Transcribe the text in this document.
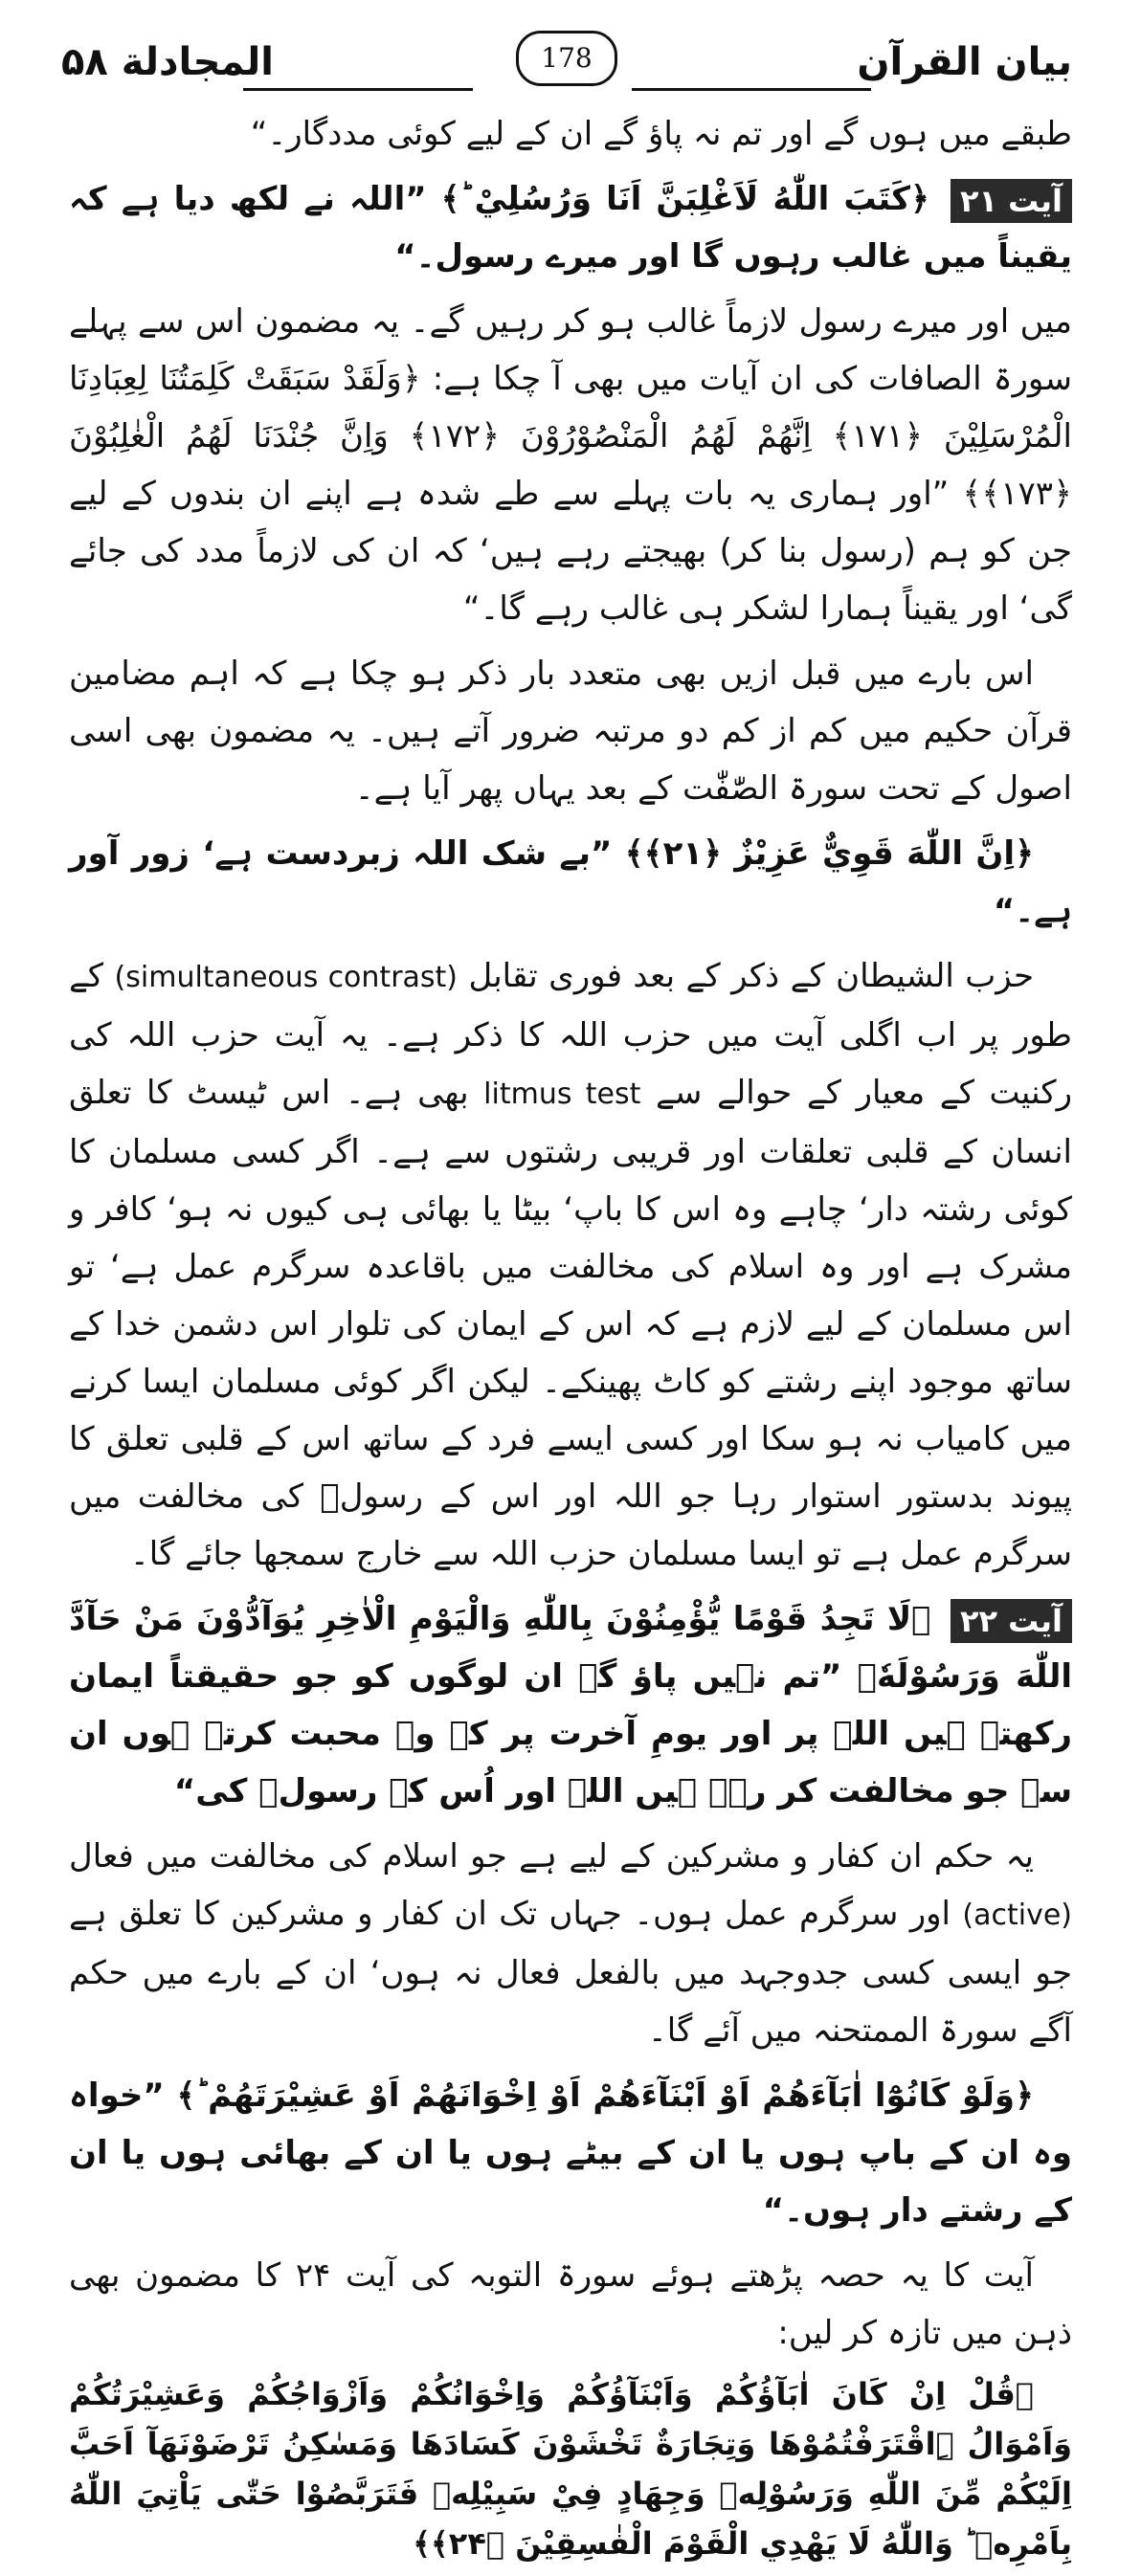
المجادلة ۵۸	178	بیان القرآن

طبقے میں ہوں گے اور تم نہ پاؤ گے ان کے لیے کوئی مددگار۔“

آیت ۲۱ ﴿كَتَبَ اللّٰهُ لَاَغْلِبَنَّ اَنَا وَرُسُلِيْ ؕ﴾ ”اللہ نے لکھ دیا ہے کہ یقیناً میں غالب رہوں گا اور میرے رسول۔“

میں اور میرے رسول لازماً غالب ہو کر رہیں گے۔ یہ مضمون اس سے پہلے سورۃ الصافات کی ان آیات میں بھی آ چکا ہے: ﴿وَلَقَدْ سَبَقَتْ كَلِمَتُنَا لِعِبَادِنَا الْمُرْسَلِيْنَ ﴿۱۷۱﴾ اِنَّهُمْ لَهُمُ الْمَنْصُوْرُوْنَ ﴿۱۷۲﴾ وَاِنَّ جُنْدَنَا لَهُمُ الْغٰلِبُوْنَ ﴿۱۷۳﴾﴾ ”اور ہماری یہ بات پہلے سے طے شدہ ہے اپنے ان بندوں کے لیے جن کو ہم (رسول بنا کر) بھیجتے رہے ہیں‘ کہ ان کی لازماً مدد کی جائے گی‘ اور یقیناً ہمارا لشکر ہی غالب رہے گا۔“

اس بارے میں قبل ازیں بھی متعدد بار ذکر ہو چکا ہے کہ اہم مضامین قرآن حکیم میں کم از کم دو مرتبہ ضرور آتے ہیں۔ یہ مضمون بھی اسی اصول کے تحت سورۃ الصّٰفّٰت کے بعد یہاں پھر آیا ہے۔

﴿اِنَّ اللّٰهَ قَوِيٌّ عَزِيْزٌ ﴿۲۱﴾﴾ ”بے شک اللہ زبردست ہے‘ زور آور ہے۔“

حزب الشیطان کے ذکر کے بعد فوری تقابل (simultaneous contrast) کے طور پر اب اگلی آیت میں حزب اللہ کا ذکر ہے۔ یہ آیت حزب اللہ کی رکنیت کے معیار کے حوالے سے litmus test بھی ہے۔ اس ٹیسٹ کا تعلق انسان کے قلبی تعلقات اور قریبی رشتوں سے ہے۔ اگر کسی مسلمان کا کوئی رشتہ دار‘ چاہے وہ اس کا باپ‘ بیٹا یا بھائی ہی کیوں نہ ہو‘ کافر و مشرک ہے اور وہ اسلام کی مخالفت میں باقاعدہ سرگرم عمل ہے‘ تو اس مسلمان کے لیے لازم ہے کہ اس کے ایمان کی تلوار اس دشمن خدا کے ساتھ موجود اپنے رشتے کو کاٹ پھینکے۔ لیکن اگر کوئی مسلمان ایسا کرنے میں کامیاب نہ ہو سکا اور کسی ایسے فرد کے ساتھ اس کے قلبی تعلق کا پیوند بدستور استوار رہا جو اللہ اور اس کے رسولؐ کی مخالفت میں سرگرم عمل ہے تو ایسا مسلمان حزب اللہ سے خارج سمجھا جائے گا۔

آیت ۲۲ ﴿لَا تَجِدُ قَوْمًا يُّؤْمِنُوْنَ بِاللّٰهِ وَالْيَوْمِ الْاٰخِرِ يُوَآدُّوْنَ مَنْ حَآدَّ اللّٰهَ وَرَسُوْلَهٗ﴾ ”تم نہیں پاؤ گے ان لوگوں کو جو حقیقتاً ایمان رکھتے ہیں اللہ پر اور یومِ آخرت پر کہ وہ محبت کرتے ہوں ان سے جو مخالفت کر رہے ہیں اللہ اور اُس کے رسولؐ کی“

یہ حکم ان کفار و مشرکین کے لیے ہے جو اسلام کی مخالفت میں فعال (active) اور سرگرم عمل ہوں۔ جہاں تک ان کفار و مشرکین کا تعلق ہے جو ایسی کسی جدوجہد میں بالفعل فعال نہ ہوں‘ ان کے بارے میں حکم آگے سورۃ الممتحنہ میں آئے گا۔

﴿وَلَوْ كَانُوْٓا اٰبَآءَهُمْ اَوْ اَبْنَآءَهُمْ اَوْ اِخْوَانَهُمْ اَوْ عَشِيْرَتَهُمْ ؕ﴾ ”خواہ وہ ان کے باپ ہوں یا ان کے بیٹے ہوں یا ان کے بھائی ہوں یا ان کے رشتے دار ہوں۔“

آیت کا یہ حصہ پڑھتے ہوئے سورۃ التوبہ کی آیت ۲۴ کا مضمون بھی ذہن میں تازہ کر لیں:

﴿قُلْ اِنْ كَانَ اٰبَآؤُكُمْ وَاَبْنَآؤُكُمْ وَاِخْوَانُكُمْ وَاَزْوَاجُكُمْ وَعَشِيْرَتُكُمْ وَاَمْوَالُ ِۨاقْتَرَفْتُمُوْهَا وَتِجَارَةٌ تَخْشَوْنَ كَسَادَهَا وَمَسٰكِنُ تَرْضَوْنَهَآ اَحَبَّ اِلَيْكُمْ مِّنَ اللّٰهِ وَرَسُوْلِهٖ وَجِهَادٍ فِيْ سَبِيْلِهٖ فَتَرَبَّصُوْا حَتّٰى يَاْتِيَ اللّٰهُ بِاَمْرِهٖ ؕ وَاللّٰهُ لَا يَهْدِي الْقَوْمَ الْفٰسِقِيْنَ ﴿۲۴﴾﴾
